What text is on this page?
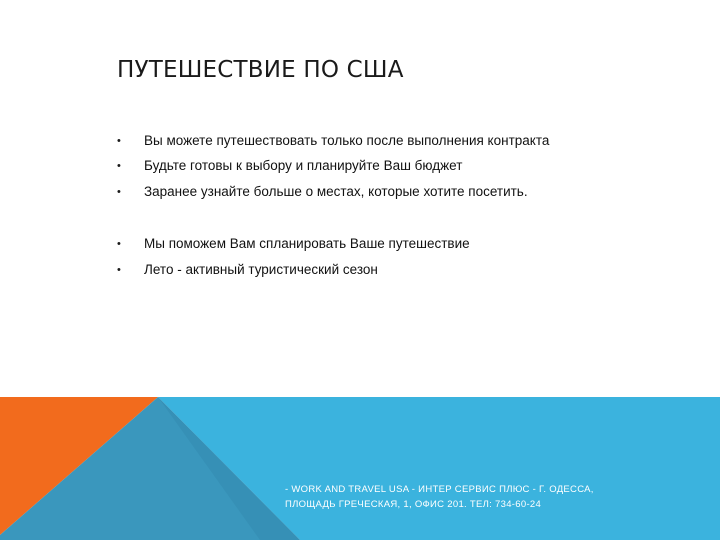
ПУТЕШЕСТВИЕ ПО США
• Вы можете путешествовать только после выполнения контракта
• Будьте готовы к выбору и планируйте Ваш бюджет
• Заранее узнайте больше о местах, которые хотите посетить.
• Мы поможем Вам спланировать Ваше путешествие
• Лето - активный туристический сезон
- WORK AND TRAVEL USA - ИНТЕР СЕРВИС ПЛЮС - Г. ОДЕССА,
ПЛОЩАДЬ ГРЕЧЕСКАЯ, 1, ОФИС 201. ТЕЛ: 734-60-24
